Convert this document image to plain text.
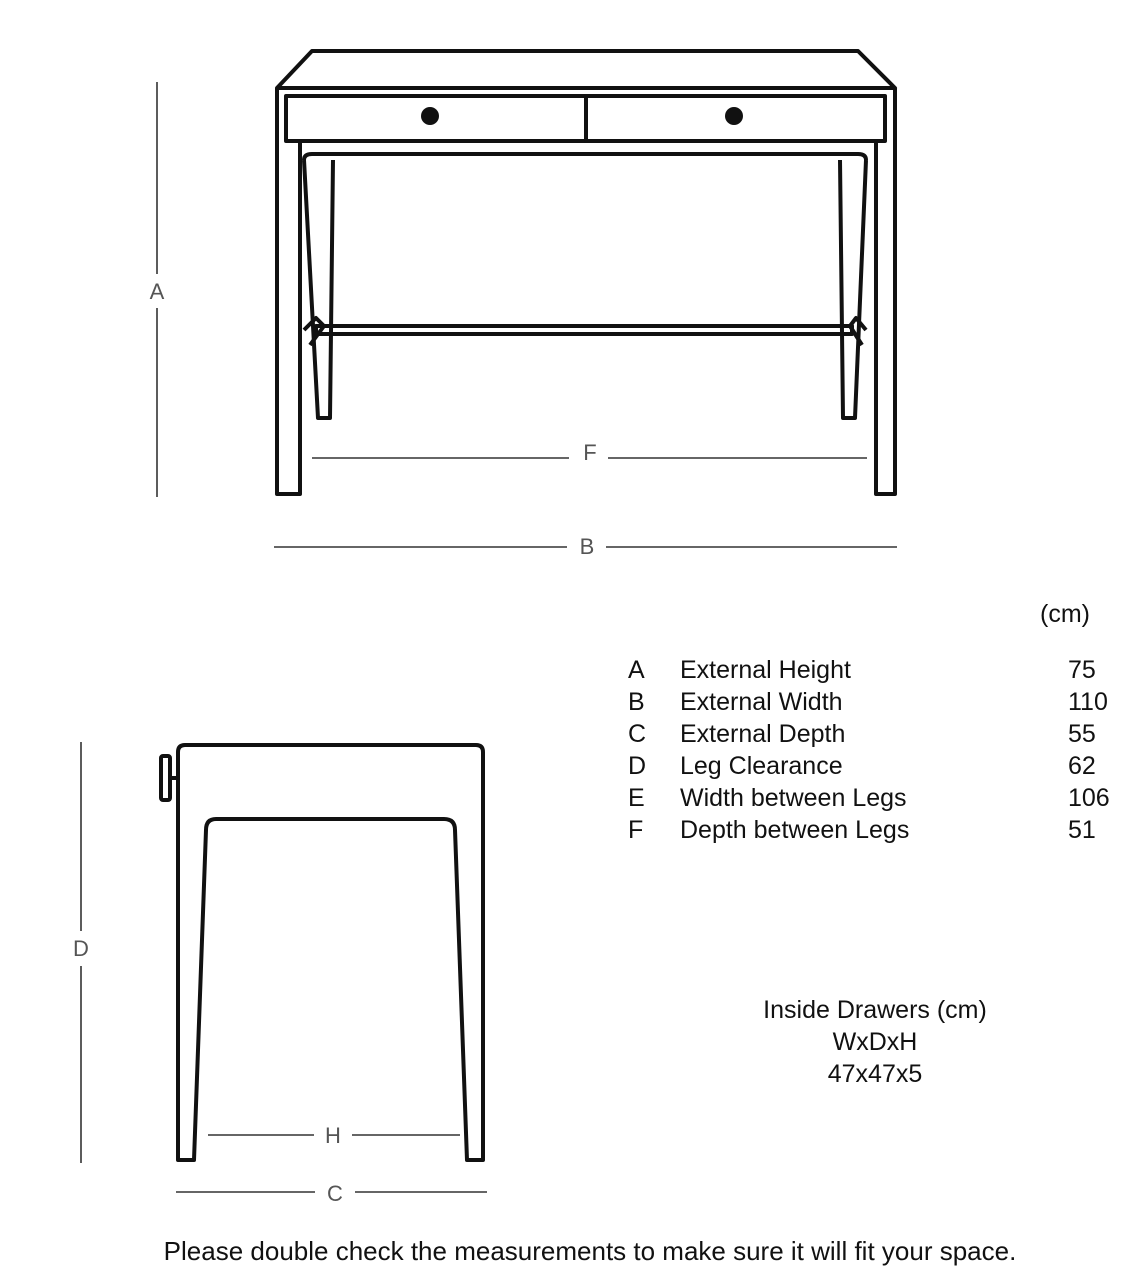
A
F
B
D
H
C
(cm)
A	External Height	75
B	External Width	110
C	External Depth	55
D	Leg Clearance	62
E	Width between Legs	106
F	Depth between Legs	51
Inside Drawers (cm)
WxDxH
47x47x5
Please double check the measurements to make sure it will fit your space.
